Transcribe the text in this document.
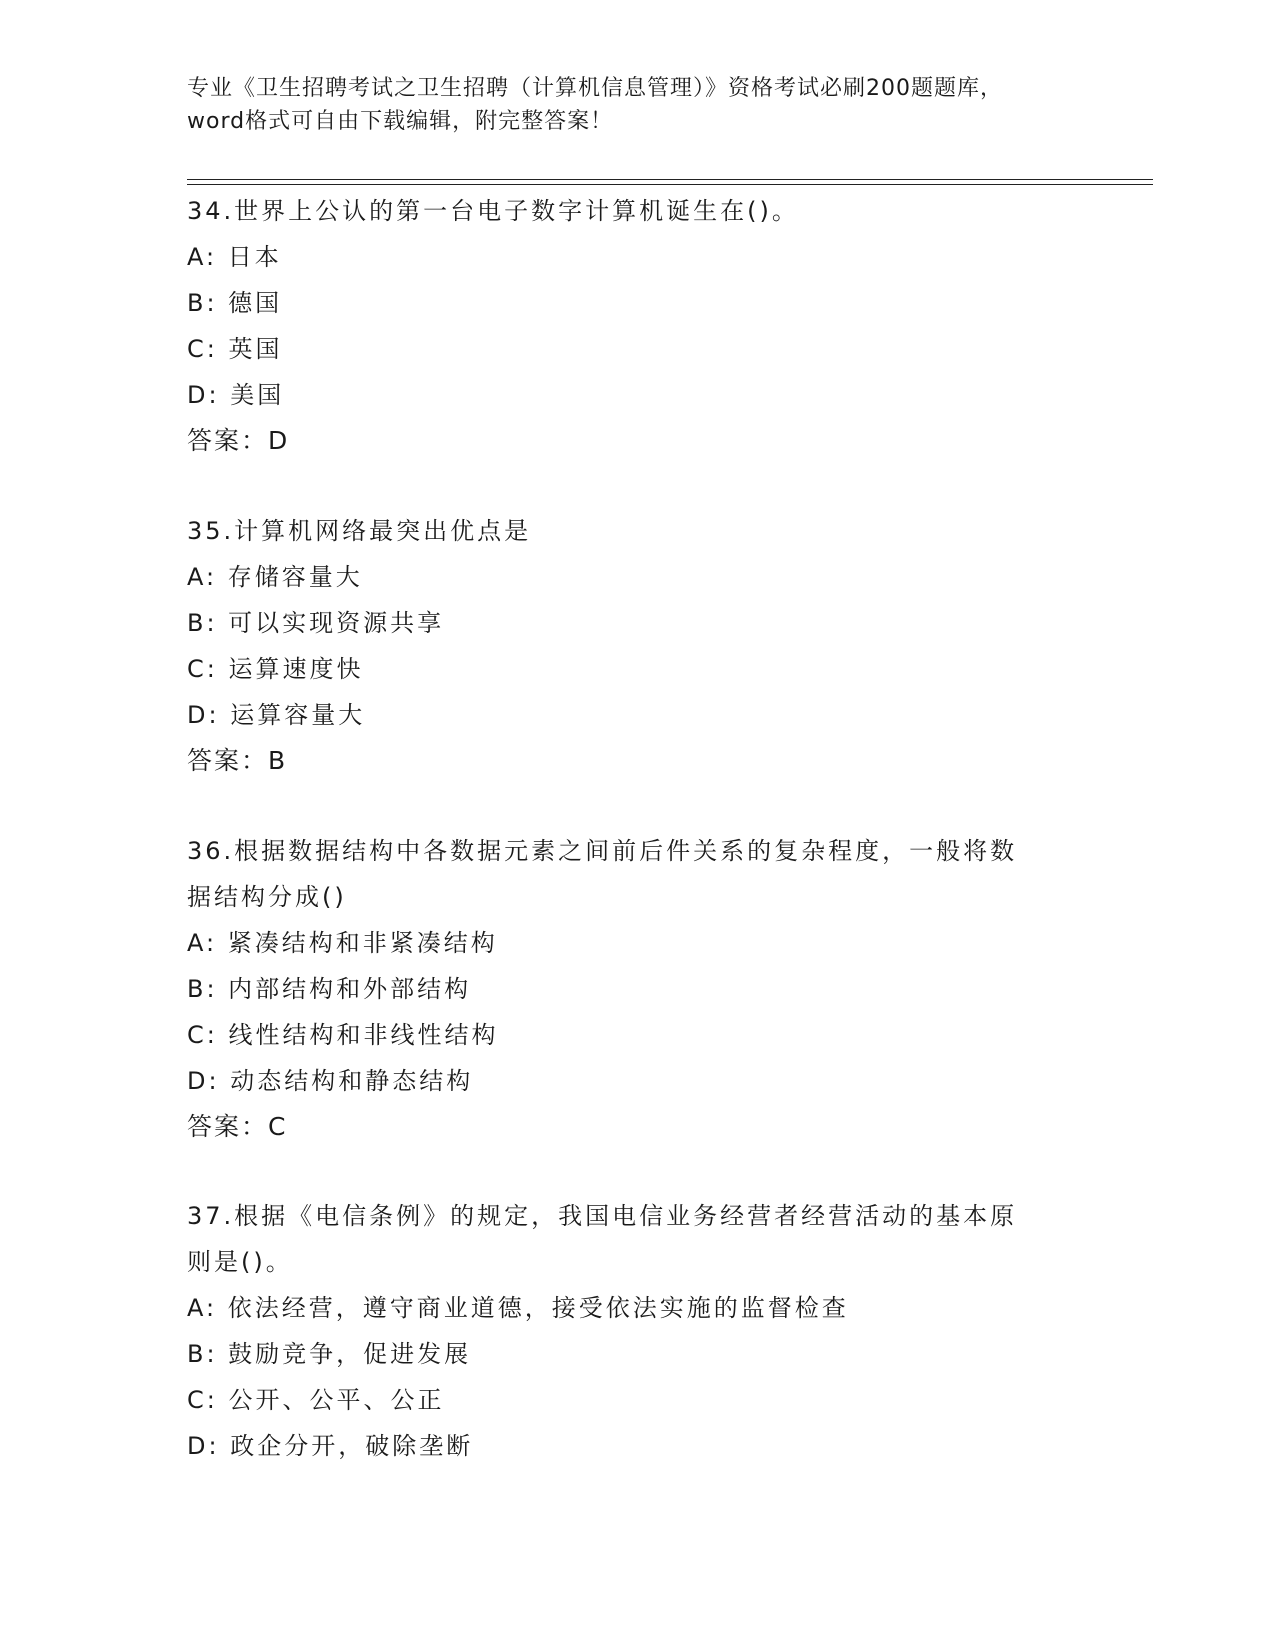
专业《卫生招聘考试之卫生招聘（计算机信息管理）》资格考试必刷200题题库，
word格式可自由下载编辑，附完整答案！
34.世界上公认的第一台电子数字计算机诞生在()。
A: 日本
B: 德国
C: 英国
D: 美国
答案：D
35.计算机网络最突出优点是
A: 存储容量大
B: 可以实现资源共享
C: 运算速度快
D: 运算容量大
答案：B
36.根据数据结构中各数据元素之间前后件关系的复杂程度，一般将数
据结构分成()
A: 紧凑结构和非紧凑结构
B: 内部结构和外部结构
C: 线性结构和非线性结构
D: 动态结构和静态结构
答案：C
37.根据《电信条例》的规定，我国电信业务经营者经营活动的基本原
则是()。
A: 依法经营，遵守商业道德，接受依法实施的监督检查
B: 鼓励竞争，促进发展
C: 公开、公平、公正
D: 政企分开，破除垄断
